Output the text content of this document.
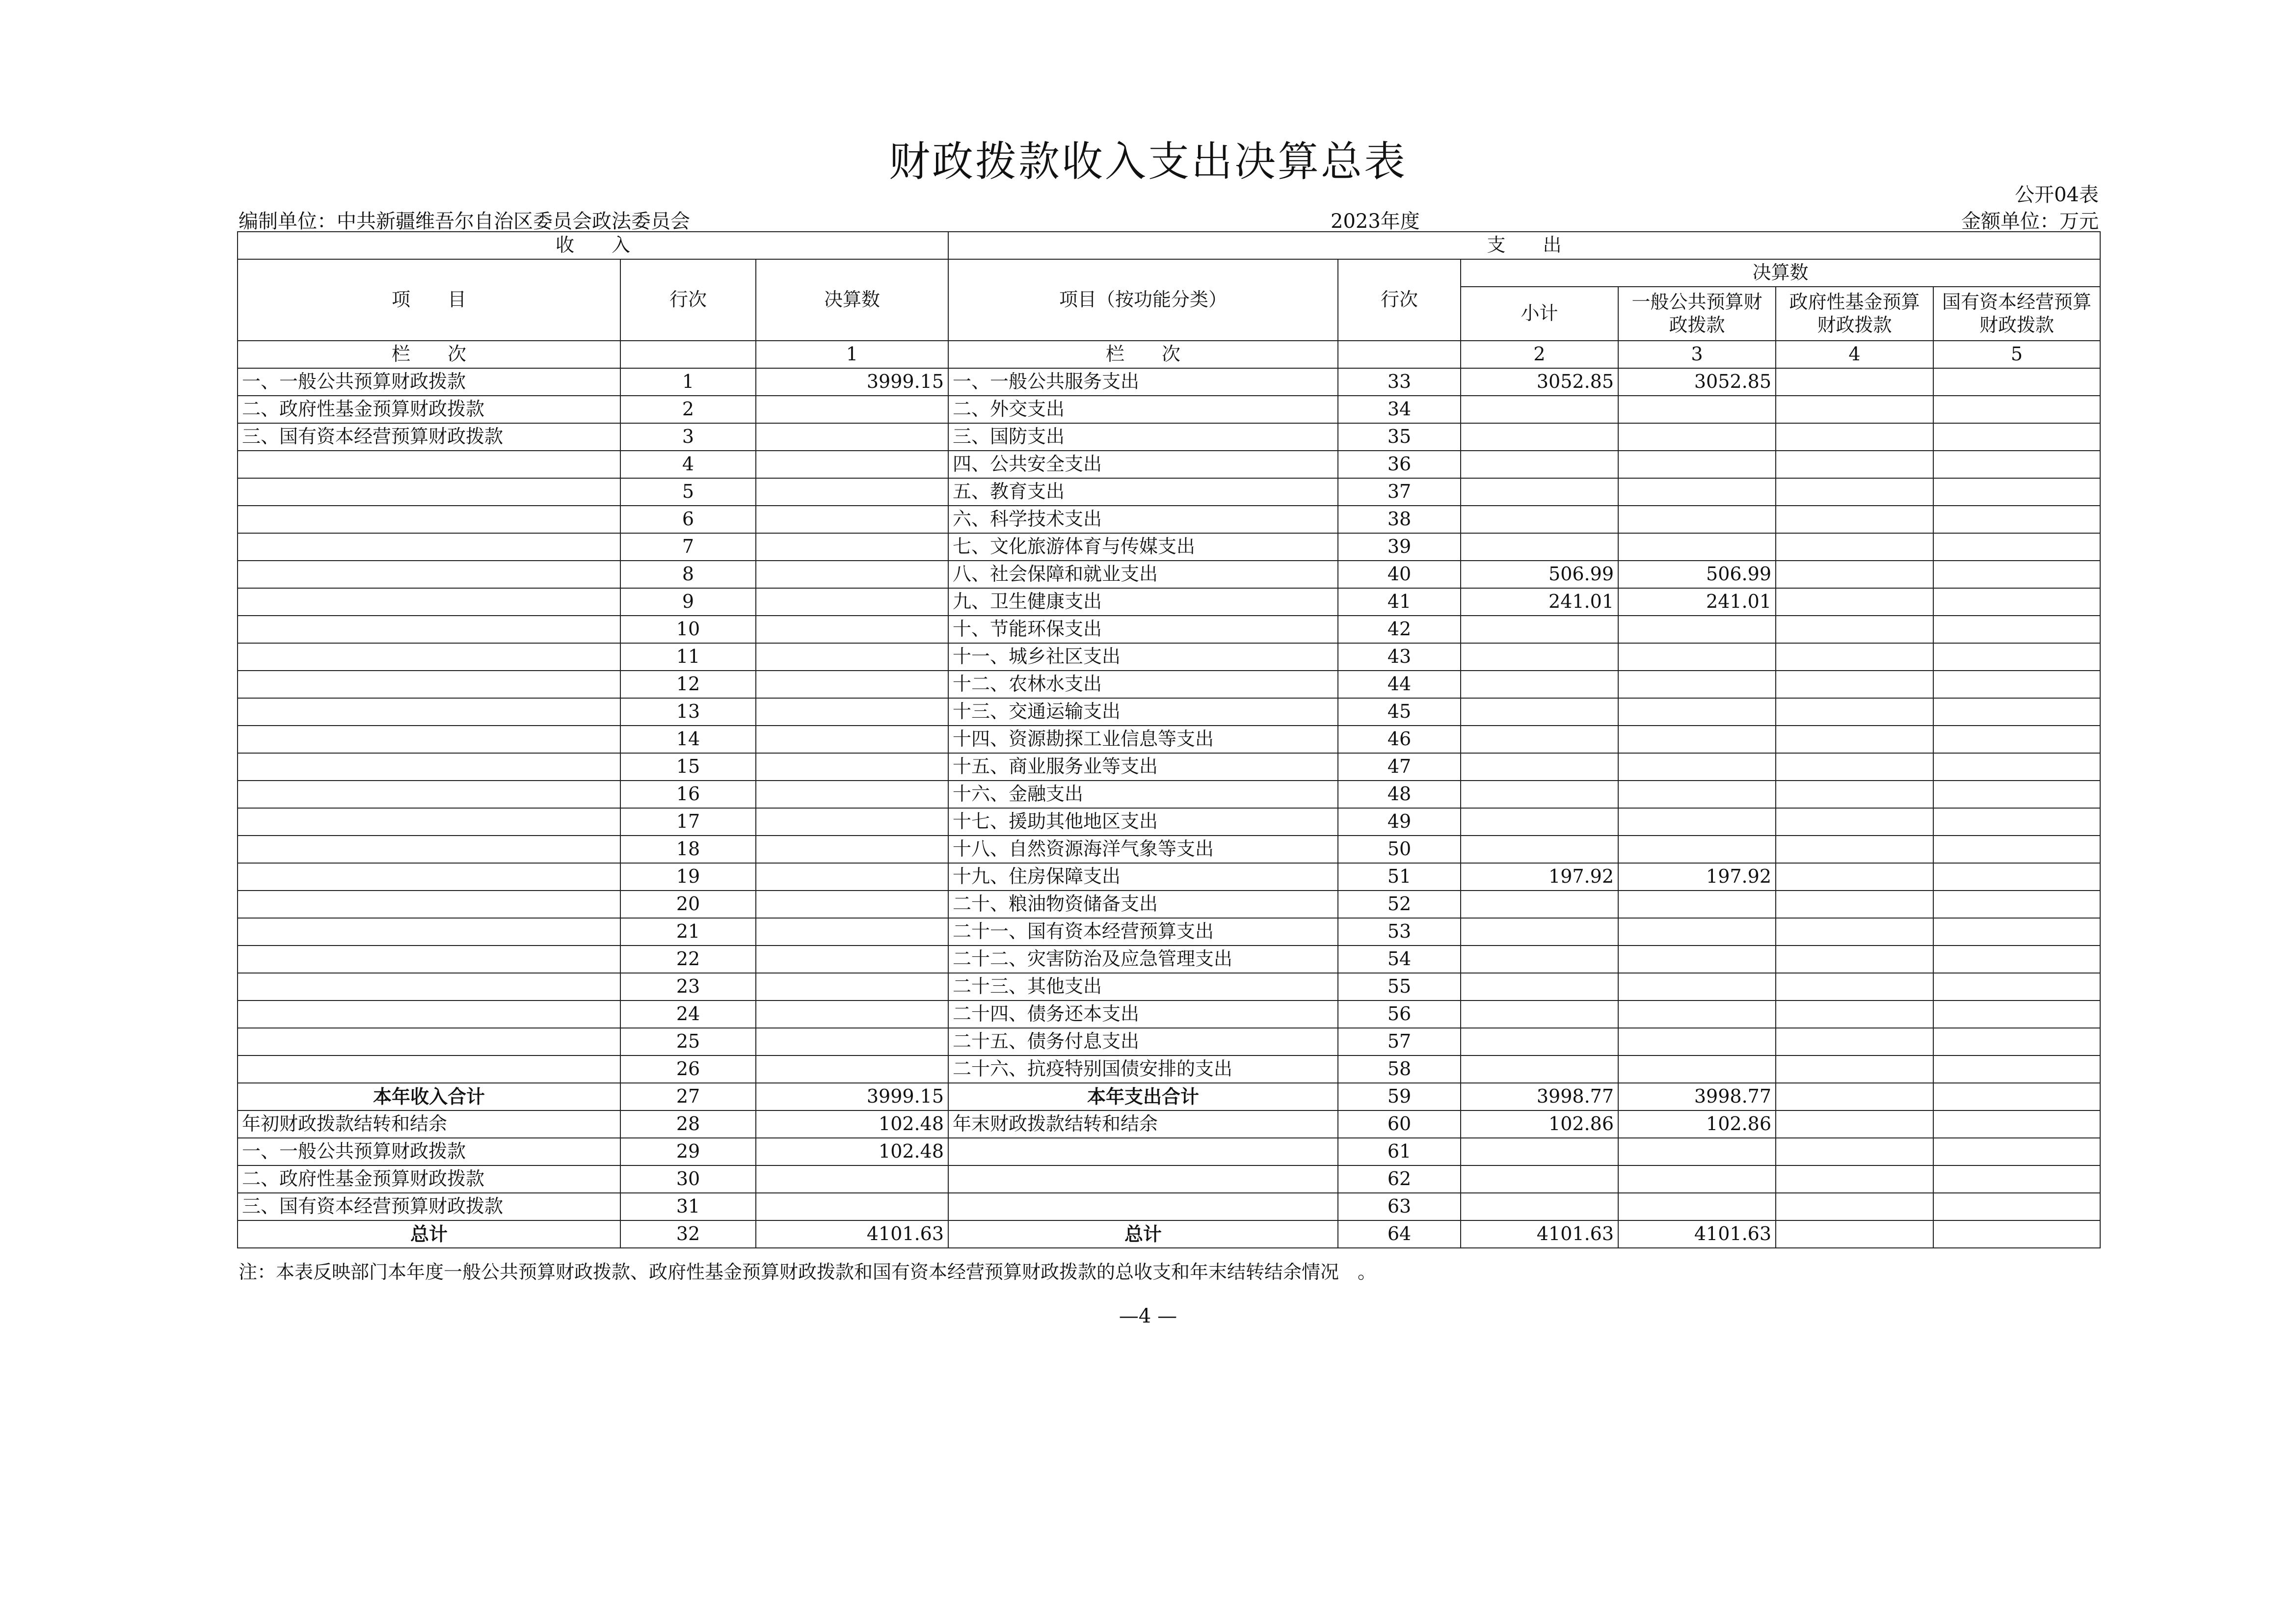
财政拨款收入支出决算总表
公开04表
编制单位：中共新疆维吾尔自治区委员会政法委员会	2023年度	金额单位：万元
收　　入			支　　出					
项　　目	行次	决算数	项目（按功能分类）	行次	决算数			
					小计	一般公共预算财政拨款	政府性基金预算财政拨款	国有资本经营预算财政拨款
栏　　次		1	栏　　次		2	3	4	5
一、一般公共预算财政拨款	1	3999.15	一、一般公共服务支出	33	3052.85	3052.85		
二、政府性基金预算财政拨款	2		二、外交支出	34				
三、国有资本经营预算财政拨款	3		三、国防支出	35				
	4		四、公共安全支出	36				
	5		五、教育支出	37				
	6		六、科学技术支出	38				
	7		七、文化旅游体育与传媒支出	39				
	8		八、社会保障和就业支出	40	506.99	506.99		
	9		九、卫生健康支出	41	241.01	241.01		
	10		十、节能环保支出	42				
	11		十一、城乡社区支出	43				
	12		十二、农林水支出	44				
	13		十三、交通运输支出	45				
	14		十四、资源勘探工业信息等支出	46				
	15		十五、商业服务业等支出	47				
	16		十六、金融支出	48				
	17		十七、援助其他地区支出	49				
	18		十八、自然资源海洋气象等支出	50				
	19		十九、住房保障支出	51	197.92	197.92		
	20		二十、粮油物资储备支出	52				
	21		二十一、国有资本经营预算支出	53				
	22		二十二、灾害防治及应急管理支出	54				
	23		二十三、其他支出	55				
	24		二十四、债务还本支出	56				
	25		二十五、债务付息支出	57				
	26		二十六、抗疫特别国债安排的支出	58				
本年收入合计	27	3999.15	本年支出合计	59	3998.77	3998.77		
年初财政拨款结转和结余	28	102.48	年末财政拨款结转和结余	60	102.86	102.86		
一、一般公共预算财政拨款	29	102.48		61				
二、政府性基金预算财政拨款	30			62				
三、国有资本经营预算财政拨款	31			63				
总计	32	4101.63	总计	64	4101.63	4101.63		
注：本表反映部门本年度一般公共预算财政拨款、政府性基金预算财政拨款和国有资本经营预算财政拨款的总收支和年末结转结余情况　。
—4 —
